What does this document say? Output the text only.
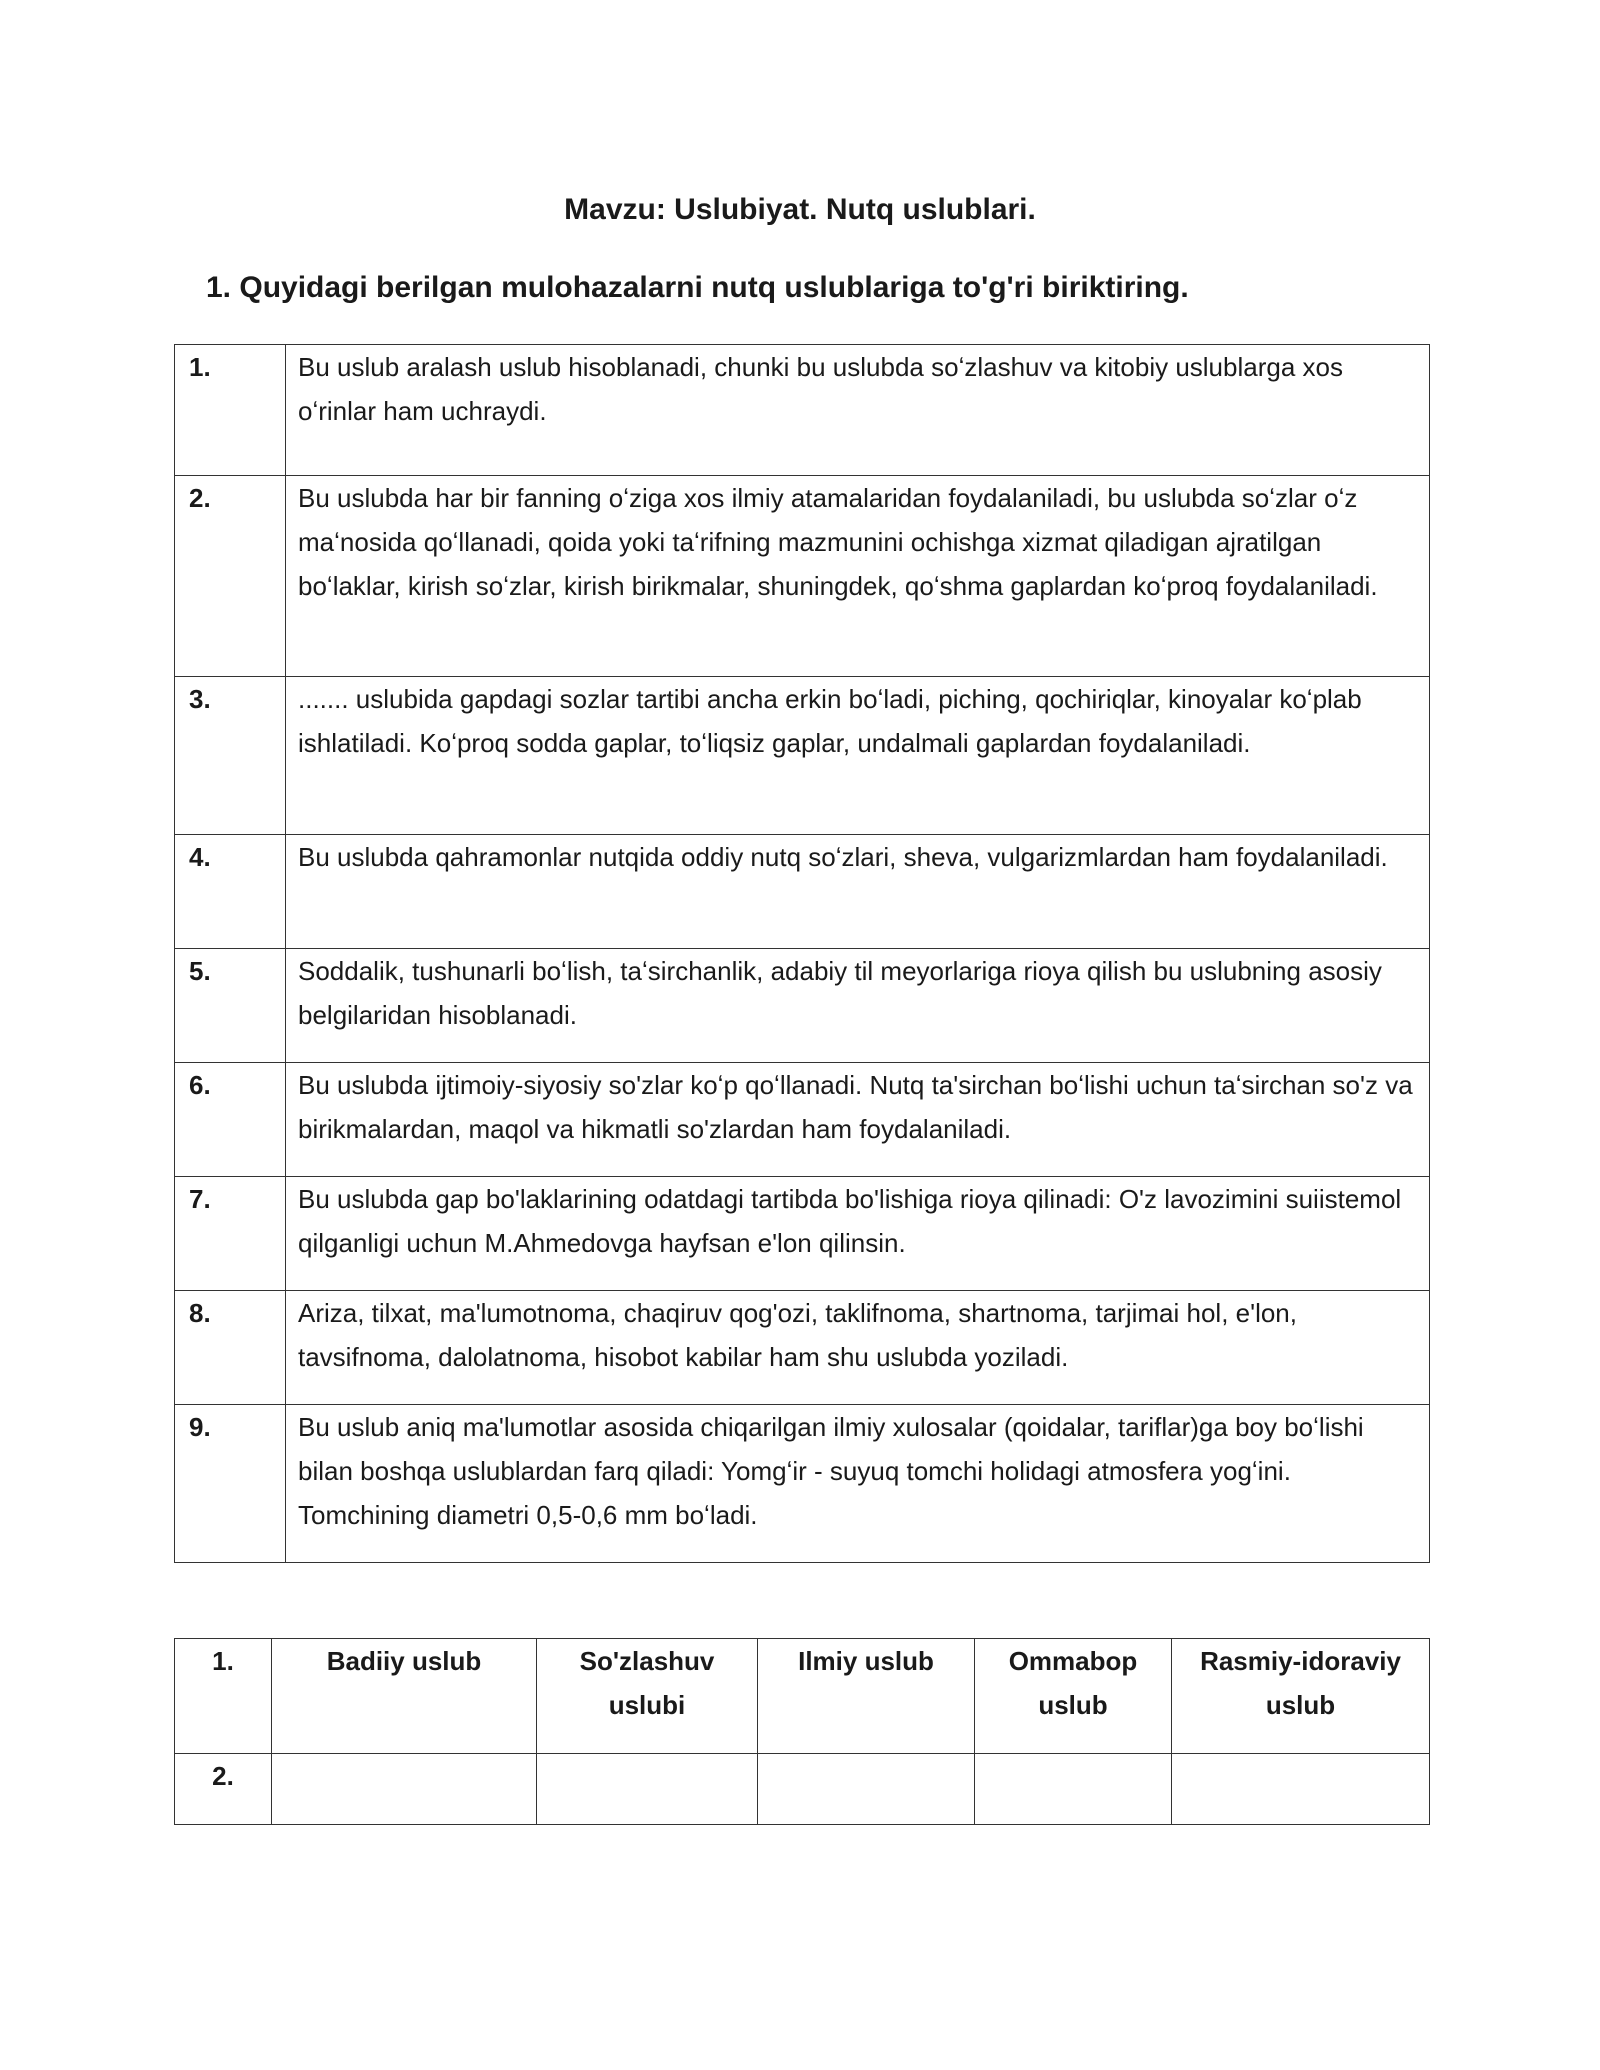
Mavzu: Uslubiyat. Nutq uslublari.
1. Quyidagi berilgan mulohazalarni nutq uslublariga to'g'ri biriktiring.
1.	Bu uslub aralash uslub hisoblanadi, chunki bu uslubda soʻzlashuv va kitobiy uslublarga xos oʻrinlar ham uchraydi.
2.	Bu uslubda har bir fanning oʻziga xos ilmiy atamalaridan foydalaniladi, bu uslubda soʻzlar oʻz maʻnosida qoʻllanadi, qoida yoki taʻrifning mazmunini ochishga xizmat qiladigan ajratilgan boʻlaklar, kirish soʻzlar, kirish birikmalar, shuningdek, qoʻshma gaplardan koʻproq foydalaniladi.
3.	....... uslubida gapdagi sozlar tartibi ancha erkin boʻladi, piching, qochiriqlar, kinoyalar koʻplab ishlatiladi. Koʻproq sodda gaplar, toʻliqsiz gaplar, undalmali gaplardan foydalaniladi.
4.	Bu uslubda qahramonlar nutqida oddiy nutq soʻzlari, sheva, vulgarizmlardan ham foydalaniladi.
5.	Soddalik, tushunarli boʻlish, taʻsirchanlik, adabiy til meyorlariga rioya qilish bu uslubning asosiy belgilaridan hisoblanadi.
6.	Bu uslubda ijtimoiy-siyosiy so'zlar koʻp qoʻllanadi. Nutq ta'sirchan boʻlishi uchun taʻsirchan so'z va birikmalardan, maqol va hikmatli so'zlardan ham foydalaniladi.
7.	Bu uslubda gap bo'laklarining odatdagi tartibda bo'lishiga rioya qilinadi: O'z lavozimini suiistemol qilganligi uchun M.Ahmedovga hayfsan e'lon qilinsin.
8.	Ariza, tilxat, ma'lumotnoma, chaqiruv qog'ozi, taklifnoma, shartnoma, tarjimai hol, e'lon, tavsifnoma, dalolatnoma, hisobot kabilar ham shu uslubda yoziladi.
9.	Bu uslub aniq ma'lumotlar asosida chiqarilgan ilmiy xulosalar (qoidalar, tariflar)ga boy boʻlishi bilan boshqa uslublardan farq qiladi: Yomgʻir - suyuq tomchi holidagi atmosfera yogʻini. Tomchining diametri 0,5-0,6 mm boʻladi.
1.	Badiiy uslub	So'zlashuv uslubi	Ilmiy uslub	Ommabop uslub	Rasmiy-idoraviy uslub
2.					
